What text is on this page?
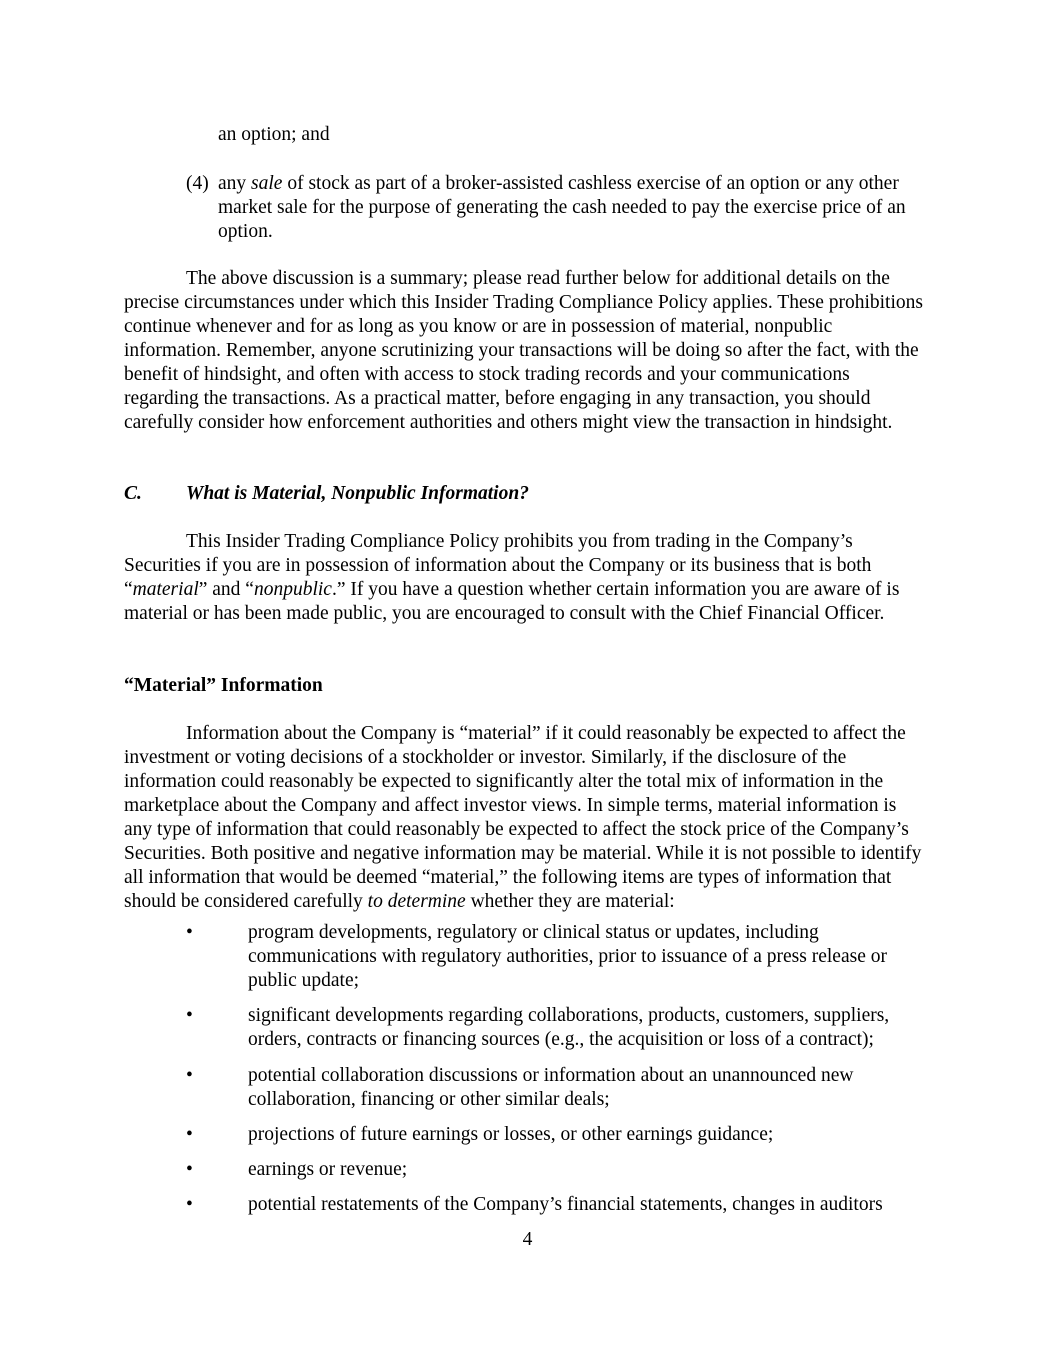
an option; and

(4) any sale of stock as part of a broker-assisted cashless exercise of an option or any other market sale for the purpose of generating the cash needed to pay the exercise price of an option.

The above discussion is a summary; please read further below for additional details on the precise circumstances under which this Insider Trading Compliance Policy applies. These prohibitions continue whenever and for as long as you know or are in possession of material, nonpublic information. Remember, anyone scrutinizing your transactions will be doing so after the fact, with the benefit of hindsight, and often with access to stock trading records and your communications regarding the transactions. As a practical matter, before engaging in any transaction, you should carefully consider how enforcement authorities and others might view the transaction in hindsight.

C. What is Material, Nonpublic Information?

This Insider Trading Compliance Policy prohibits you from trading in the Company’s Securities if you are in possession of information about the Company or its business that is both “material” and “nonpublic.” If you have a question whether certain information you are aware of is material or has been made public, you are encouraged to consult with the Chief Financial Officer.

“Material” Information

Information about the Company is “material” if it could reasonably be expected to affect the investment or voting decisions of a stockholder or investor. Similarly, if the disclosure of the information could reasonably be expected to significantly alter the total mix of information in the marketplace about the Company and affect investor views. In simple terms, material information is any type of information that could reasonably be expected to affect the stock price of the Company’s Securities. Both positive and negative information may be material. While it is not possible to identify all information that would be deemed “material,” the following items are types of information that should be considered carefully to determine whether they are material:

•	program developments, regulatory or clinical status or updates, including communications with regulatory authorities, prior to issuance of a press release or public update;
•	significant developments regarding collaborations, products, customers, suppliers, orders, contracts or financing sources (e.g., the acquisition or loss of a contract);
•	potential collaboration discussions or information about an unannounced new collaboration, financing or other similar deals;
•	projections of future earnings or losses, or other earnings guidance;
•	earnings or revenue;
•	potential restatements of the Company’s financial statements, changes in auditors
4
